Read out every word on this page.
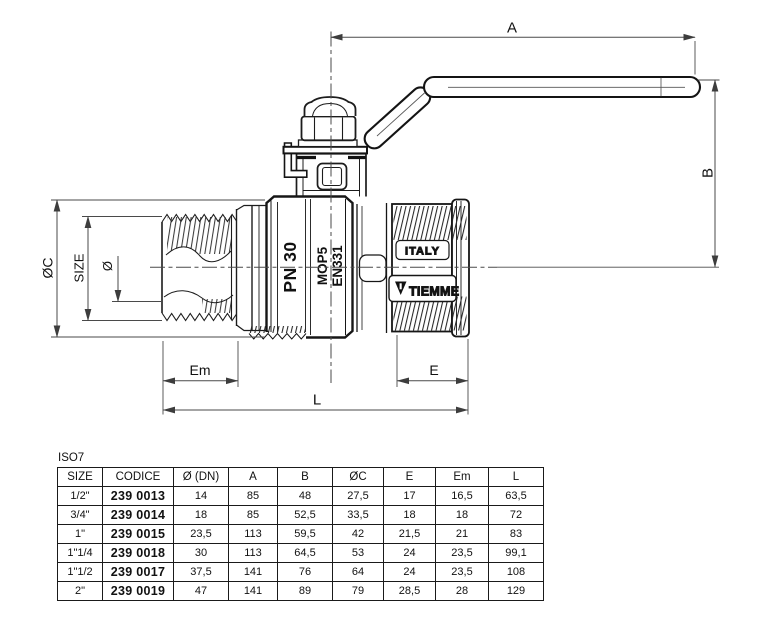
PN 30 MOP5 EN331	ITALY
TIEMME
A
B
ØC SIZE Ø
Em	E
L
ISO7
SIZE	CODICE	Ø (DN)	A	B	ØC	E	Em	L
1/2"	239 0013	14	85	48	27,5	17	16,5	63,5
3/4"	239 0014	18	85	52,5	33,5	18	18	72
1"	239 0015	23,5	113	59,5	42	21,5	21	83
1"1/4	239 0018	30	113	64,5	53	24	23,5	99,1
1"1/2	239 0017	37,5	141	76	64	24	23,5	108
2"	239 0019	47	141	89	79	28,5	28	129
